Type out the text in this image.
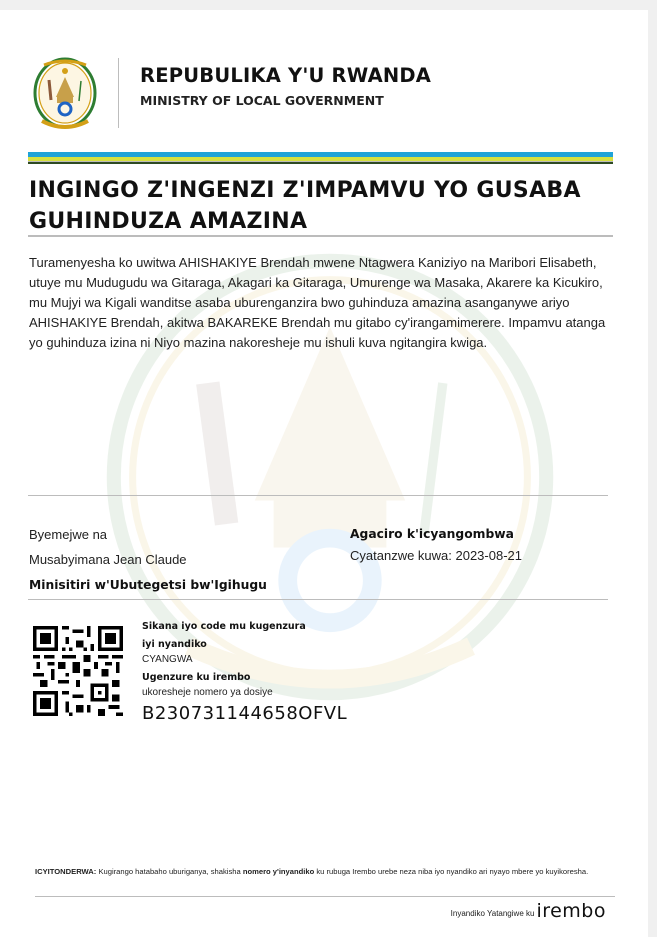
REPUBULIKA Y'U RWANDA
MINISTRY OF LOCAL GOVERNMENT
INGINGO Z'INGENZI Z'IMPAMVU YO GUSABA GUHINDUZA AMAZINA
Turamenyesha ko uwitwa AHISHAKIYE Brendah mwene Ntagwera Kaniziyo na Maribori Elisabeth, utuye mu Mudugudu wa Gitaraga, Akagari ka Gitaraga, Umurenge wa Masaka, Akarere ka Kicukiro, mu Mujyi wa Kigali wanditse asaba uburenganzira bwo guhinduza amazina asanganywe ariyo AHISHAKIYE Brendah, akitwa BAKAREKE Brendah mu gitabo cy'irangamimerere. Impamvu atanga yo guhinduza izina ni Niyo mazina nakoresheje mu ishuli kuva ngitangira kwiga.
Byemejwe na
Musabyimana Jean Claude
Minisitiri w'Ubutegetsi bw'Igihugu
Agaciro k'icyangombwa
Cyatanzwe kuwa: 2023-08-21
Sikana iyo code mu kugenzura
iyi nyandiko
CYANGWA
Ugenzure ku irembo
ukoresheje nomero ya dosiye
B230731144658OFVL
ICYITONDERWA: Kugirango hatabaho uburiganya, shakisha nomero y'inyandiko ku rubuga Irembo urebe neza niba iyo nyandiko ari nyayo mbere yo kuyikoresha.
Inyandiko Yatangiwe ku irembo
